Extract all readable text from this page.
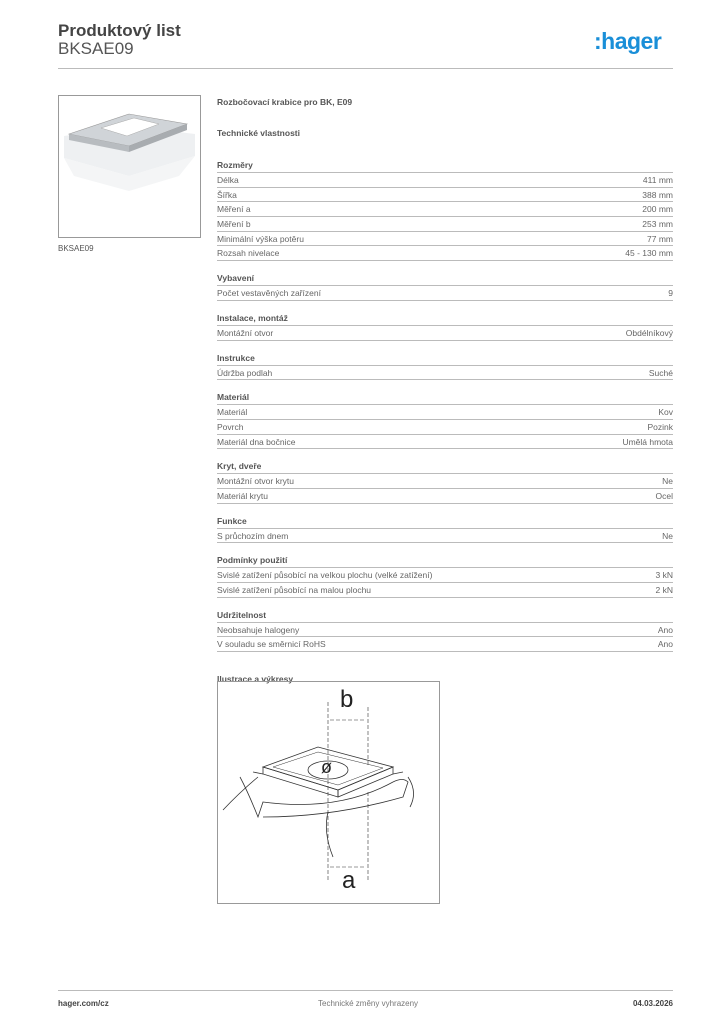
Produktový list
BKSAE09	:hager
BKSAE09
Rozbočovací krabice pro BK, E09
Technické vlastnosti
Rozměry
Délka	411 mm
Šířka	388 mm
Měření a	200 mm
Měření b	253 mm
Minimální výška potěru	77 mm
Rozsah nivelace	45 - 130 mm
Vybavení
Počet vestavěných zařízení	9
Instalace, montáž
Montážní otvor	Obdélníkový
Instrukce
Údržba podlah	Suché
Materiál
Materiál	Kov
Povrch	Pozink
Materiál dna bočnice	Umělá hmota
Kryt, dveře
Montážní otvor krytu	Ne
Materiál krytu	Ocel
Funkce
S průchozím dnem	Ne
Podmínky použití
Svislé zatížení působící na velkou plochu (velké zatížení)	3 kN
Svislé zatížení působící na malou plochu	2 kN
Udržitelnost
Neobsahuje halogeny	Ano
V souladu se směrnicí RoHS	Ano
Ilustrace a výkresy
b
ø
a
hager.com/cz	Technické změny vyhrazeny	04.03.2026
